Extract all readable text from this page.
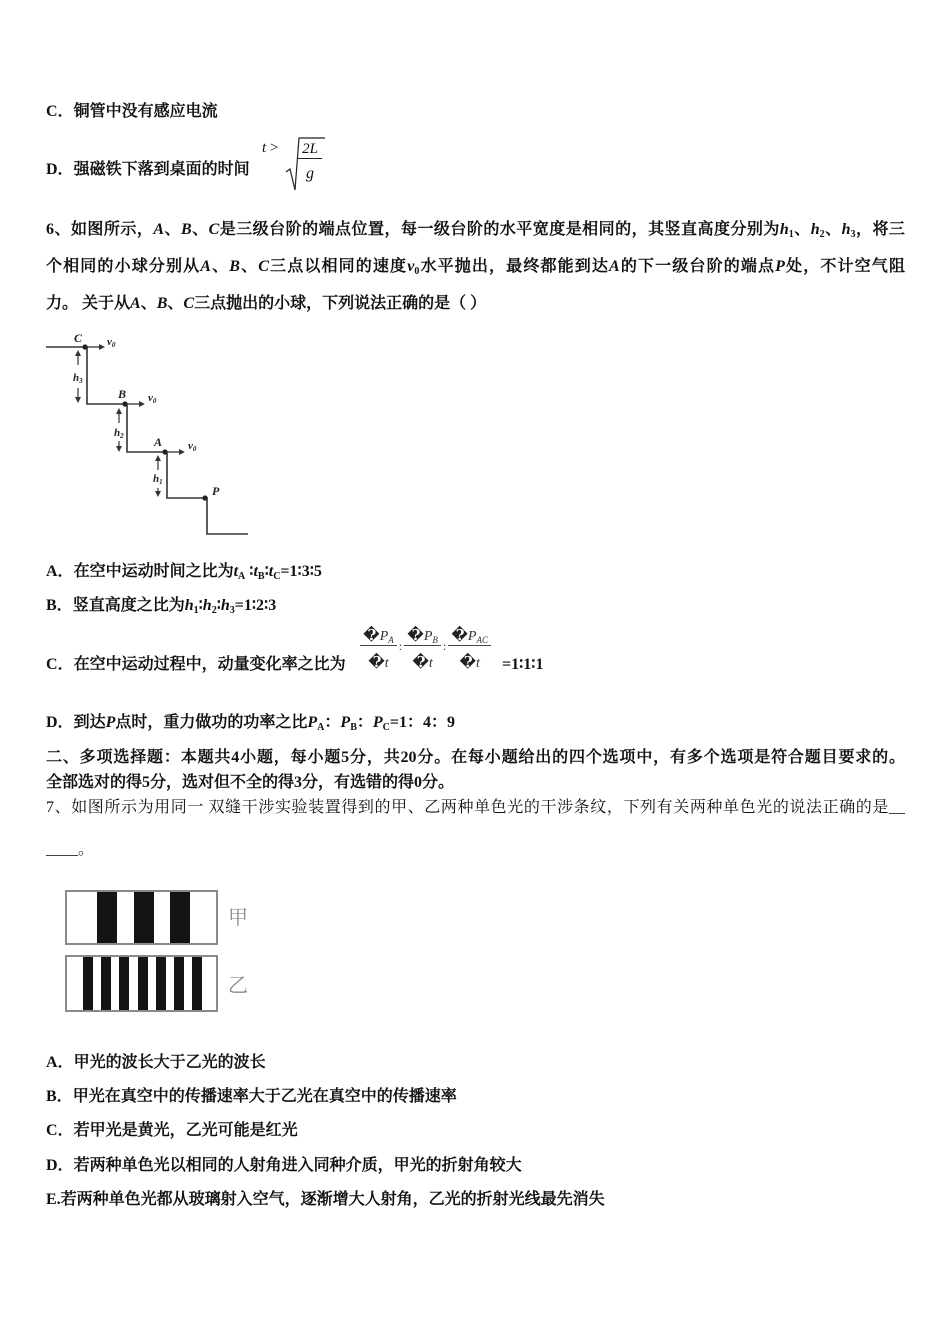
C．铜管中没有感应电流
D．强磁铁下落到桌面的时间
t >	2L
g
6、如图所示，A、B、C是三级台阶的端点位置，每一级台阶的水平宽度是相同的，其竖直高度分别为$h_1$、$h_2$、$h_3$，将三
个相同的小球分别从A、B、C三点以相同的速度$v_0$水平抛出，最终都能到达A的下一级台阶的端点P处，不计空气阻
力。 关于从A、B、C三点抛出的小球，下列说法正确的是（ ）
C
B
A
P
v0
v0
v0
h3
h2
h1
A．在空中运动时间之比为$t_A$ $∶t_B∶t_C=1∶3∶5$
B．竖直高度之比为$h_1∶h_2∶h_3=1∶2∶3$
C．在空中运动过程中，动量变化率之比为 $\frac{�P_A}{�t}$ : $\frac{�P_B}{�t}$ : $\frac{�P_{AC}}{�t}$ =1∶1∶1
D．到达P点时，重力做功的功率之比$P_A$：$P_B$：$P_C=1$：4：9
二、多项选择题：本题共4小题，每小题5分，共20分。在每小题给出的四个选项中，有多个选项是符合题目要求的。
全部选对的得5分，选对但不全的得3分，有选错的得0分。
7、如图所示为用同一 双缝干涉实验装置得到的甲、乙两种单色光的干涉条纹，下列有关两种单色光的说法正确的是__
____。
甲
乙
A．甲光的波长大于乙光的波长
B．甲光在真空中的传播速率大于乙光在真空中的传播速率
C．若甲光是黄光，乙光可能是红光
D．若两种单色光以相同的人射角进入同种介质，甲光的折射角较大
E.若两种单色光都从玻璃射入空气，逐渐增大人射角，乙光的折射光线最先消失
